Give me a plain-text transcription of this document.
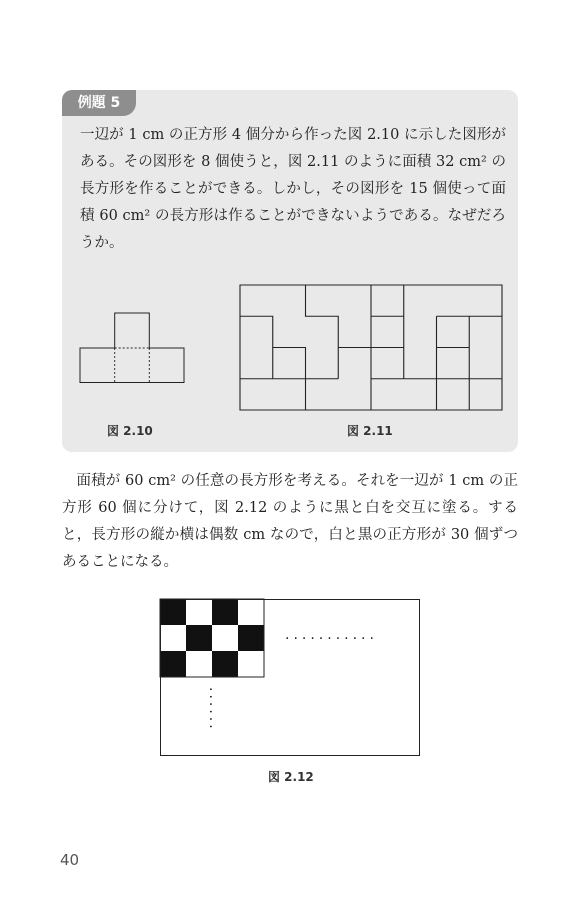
例題 5

一辺が 1 cm の正方形 4 個分から作った図 2.10 に示した図形がある。その図形を 8 個使うと，図 2.11 のように面積 32 cm² の長方形を作ることができる。しかし，その図形を 15 個使って面積 60 cm² の長方形は作ることができないようである。なぜだろうか。

図 2.10	図 2.11

面積が 60 cm² の任意の長方形を考える。それを一辺が 1 cm の正方形 60 個に分けて，図 2.12 のように黒と白を交互に塗る。すると，長方形の縦か横は偶数 cm なので，白と黒の正方形が 30 個ずつあることになる。

...........
......
図 2.12
40
